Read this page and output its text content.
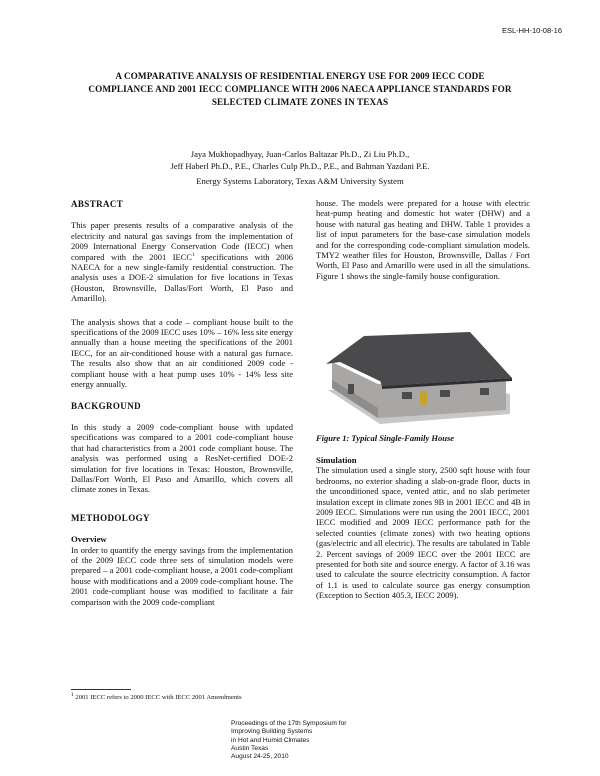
ESL-HH-10-08-16
A COMPARATIVE ANALYSIS OF RESIDENTIAL ENERGY USE FOR 2009 IECC CODE
COMPLIANCE AND 2001 IECC COMPLIANCE WITH 2006 NAECA APPLIANCE STANDARDS FOR
SELECTED CLIMATE ZONES IN TEXAS
Jaya Mukhopadhyay, Juan-Carlos Baltazar Ph.D., Zi Liu Ph.D.,
Jeff Haberl Ph.D., P.E., Charles Culp Ph.D., P.E., and Bahman Yazdani P.E.
Energy Systems Laboratory, Texas A&M University System
ABSTRACT

This paper presents results of a comparative analysis of the electricity and natural gas savings from the implementation of 2009 International Energy Conservation Code (IECC) when compared with the 2001 IECC$^1$ specifications with 2006 NAECA for a new single-family residential construction. The analysis uses a DOE-2 simulation for five locations in Texas (Houston, Brownsville, Dallas/Fort Worth, El Paso and Amarillo).

The analysis shows that a code – compliant house built to the specifications of the 2009 IECC uses 10% – 16% less site energy annually than a house meeting the specifications of the 2001 IECC, for an air-conditioned house with a natural gas furnace. The results also show that an air conditioned 2009 code - compliant house with a heat pump uses 10% - 14% less site energy annually.

BACKGROUND

In this study a 2009 code-compliant house with updated specifications was compared to a 2001 code-compliant house that had characteristics from a 2001 code compliant house. The analysis was performed using a ResNet-certified DOE-2 simulation for five locations in Texas: Houston, Brownsville, Dallas/Fort Worth, El Paso and Amarillo, which covers all climate zones in Texas.

METHODOLOGY
Overview

In order to quantify the energy savings from the implementation of the 2009 IECC code three sets of simulation models were prepared – a 2001 code-compliant house, a 2001 code-compliant house with modifications and a 2009 code-compliant house. The 2001 code-compliant house was modified to facilitate a fair comparison with the 2009 code-compliant

house. The models were prepared for a house with electric heat-pump heating and domestic hot water (DHW) and a house with natural gas heating and DHW. Table 1 provides a list of input parameters for the base-case simulation models and for the corresponding code-compliant simulation models. TMY2 weather files for Houston, Brownsville, Dallas / Fort Worth, El Paso and Amarillo were used in all the simulations. Figure 1 shows the single-family house configuration.

Figure 1: Typical Single-Family House
Simulation

The simulation used a single story, 2500 sqft house with four bedrooms, no exterior shading a slab-on-grade floor, ducts in the unconditioned space, vented attic, and no slab perimeter insulation except in climate zones 9B in 2001 IECC and 4B in 2009 IECC. Simulations were run using the 2001 IECC, 2001 IECC modified and 2009 IECC performance path for the selected counties (climate zones) with two heating options (gas/electric and all electric). The results are tabulated in Table 2. Percent savings of 2009 IECC over the 2001 IECC are presented for both site and source energy. A factor of 3.16 was used to calculate the source electricity consumption. A factor of 1.1 is used to calculate source gas energy consumption (Exception to Section 405.3, IECC 2009).

$^1$ 2001 IECC refers to 2000 IECC with IECC 2001 Amendments
Proceedings of the 17th Symposium for
Improving Building Systems
in Hot and Humid Climates
Austin Texas
August 24-25, 2010
